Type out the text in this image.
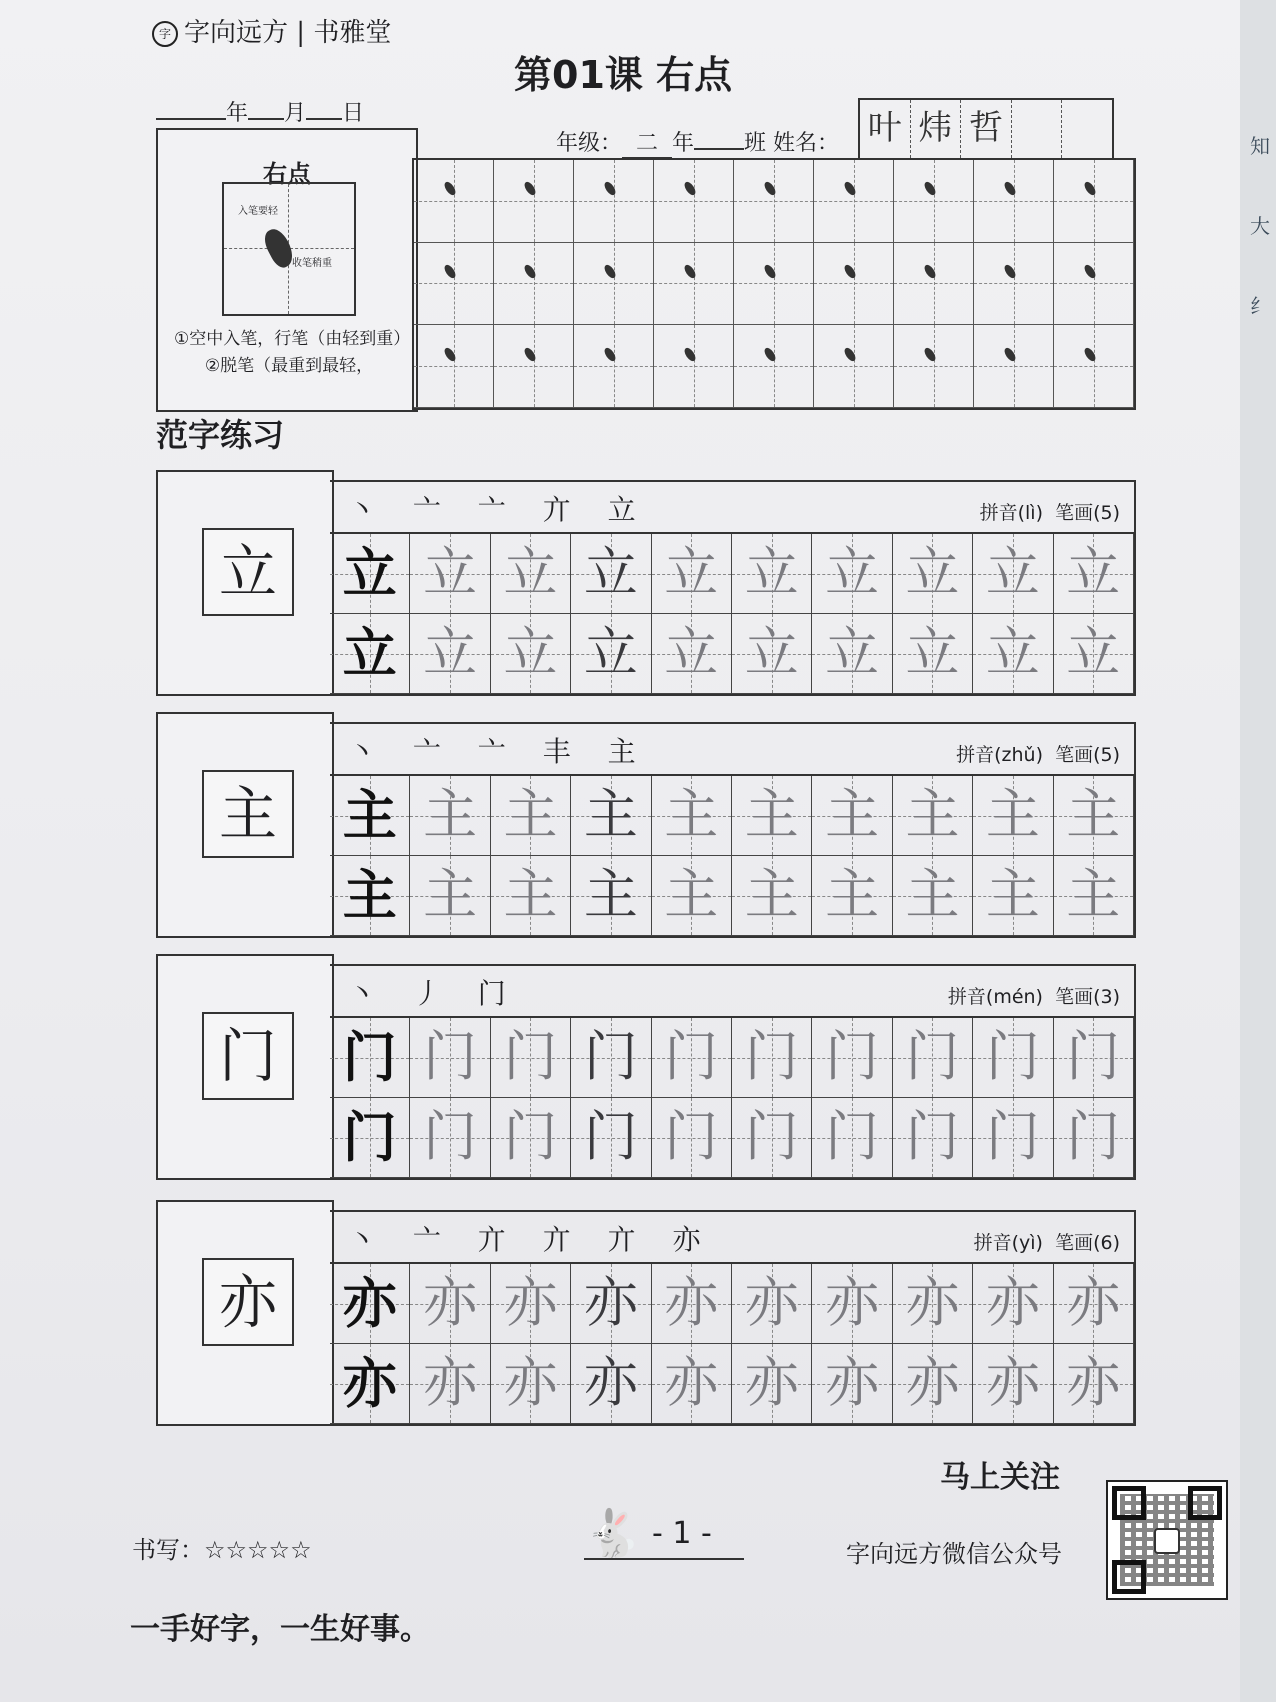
字 字向远方 | 书雅堂
第01课 右点
年 月 日
年级： 二 年 班 姓名： 叶 炜 哲
右点
入笔要轻
收笔稍重
①空中入笔，行笔（由轻到重）
②脱笔（最重到最轻，
范字练习
立
丶 亠 亠 亣 立	拼音(lì) 笔画(5)
立 立 立 立 立 立 立 立 立 立
立 立 立 立 立 立 立 立 立 立
主
丶 亠 亠 丰 主	拼音(zhǔ) 笔画(5)
主 主 主 主 主 主 主 主 主 主
主 主 主 主 主 主 主 主 主 主
门
丶 丿 门	拼音(mén) 笔画(3)
门 门 门 门 门 门 门 门 门 门
门 门 门 门 门 门 门 门 门 门
亦
丶 亠 亣 亣 亣 亦	拼音(yì) 笔画(6)
亦 亦 亦 亦 亦 亦 亦 亦 亦 亦
亦 亦 亦 亦 亦 亦 亦 亦 亦 亦
马上关注
字向远方微信公众号
书写：☆☆☆☆☆	🐇 - 1 -
一手好字，一生好事。
知
大
纟
